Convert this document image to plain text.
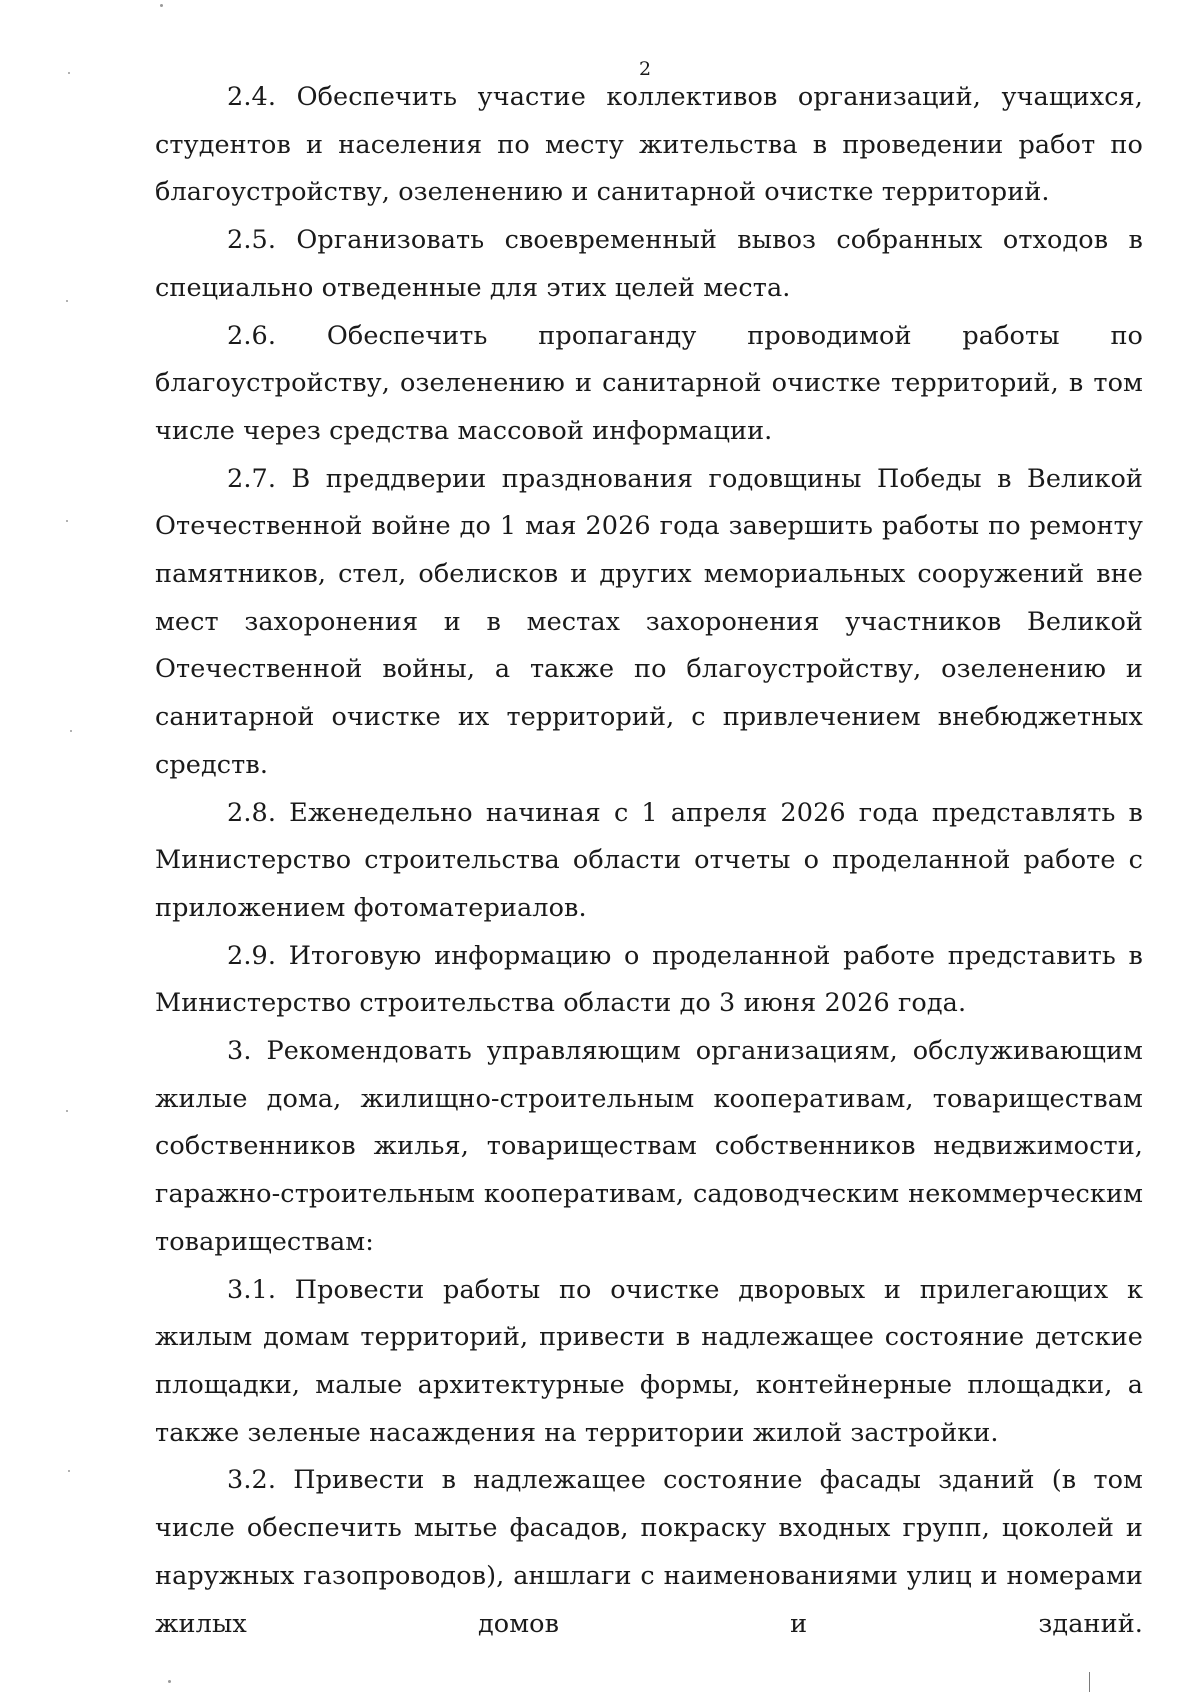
2

2.4. Обеспечить участие коллективов организаций, учащихся, студентов и населения по месту жительства в проведении работ по благоустройству, озеленению и санитарной очистке территорий.

2.5. Организовать своевременный вывоз собранных отходов в специально отведенные для этих целей места.

2.6. Обеспечить пропаганду проводимой работы по благоустройству, озеленению и санитарной очистке территорий, в том числе через средства массовой информации.

2.7. В преддверии празднования годовщины Победы в Великой Отечественной войне до 1 мая 2026 года завершить работы по ремонту памятников, стел, обелисков и других мемориальных сооружений вне мест захоронения и в местах захоронения участников Великой Отечественной войны, а также по благоустройству, озеленению и санитарной очистке их территорий, с привлечением внебюджетных средств.

2.8. Еженедельно начиная с 1 апреля 2026 года представлять в Министерство строительства области отчеты о проделанной работе с приложением фотоматериалов.

2.9. Итоговую информацию о проделанной работе представить в Министерство строительства области до 3 июня 2026 года.

3. Рекомендовать управляющим организациям, обслуживающим жилые дома, жилищно-строительным кооперативам, товариществам собственников жилья, товариществам собственников недвижимости, гаражно-строительным кооперативам, садоводческим некоммерческим товариществам:

3.1. Провести работы по очистке дворовых и прилегающих к жилым домам территорий, привести в надлежащее состояние детские площадки, малые архитектурные формы, контейнерные площадки, а также зеленые насаждения на территории жилой застройки.

3.2. Привести в надлежащее состояние фасады зданий (в том числе обеспечить мытье фасадов, покраску входных групп, цоколей и наружных газопроводов), аншлаги с наименованиями улиц и номерами жилых домов и зданий.
